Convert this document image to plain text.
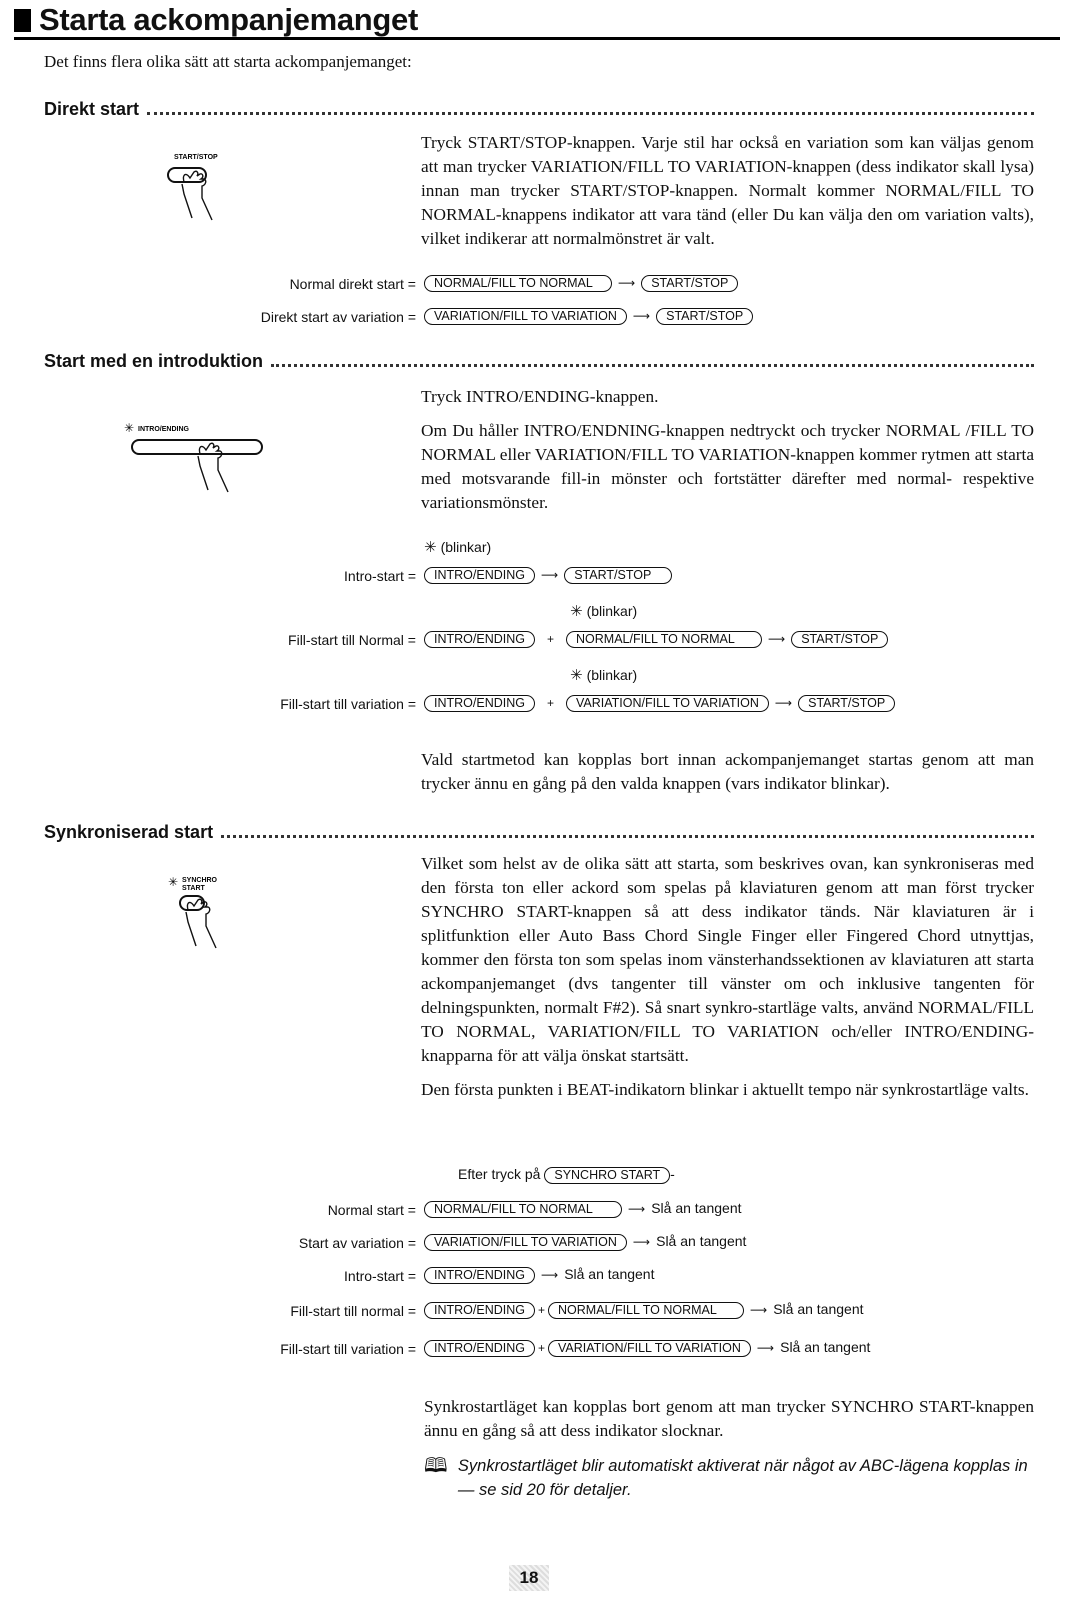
Starta ackompanjemanget
Det finns flera olika sätt att starta ackompanjemanget:
Direkt start
START/STOP

Tryck START/STOP-knappen. Varje stil har också en variation som kan väljas genom att man trycker VARIATION/FILL TO VARIATION-knappen (dess indikator skall lysa) innan man trycker START/STOP-knappen. Normalt kommer NORMAL/FILL TO NORMAL-knappens indikator att vara tänd (eller Du kan välja den om variation valts), vilket indikerar att normalmönstret är valt.

Normal direkt start =	NORMAL/FILL TO NORMAL ⟶ START/STOP
Direkt start av variation =	VARIATION/FILL TO VARIATION ⟶ START/STOP
Start med en introduktion
✳ INTRO/ENDING

Tryck INTRO/ENDING-knappen.

Om Du håller INTRO/ENDNING-knappen nedtryckt och trycker NORMAL /FILL TO NORMAL eller VARIATION/FILL TO VARIATION-knappen kommer rytmen att starta med motsvarande fill-in mönster och fortstätter därefter med normal- respektive variationsmönster.

✳ (blinkar)
Intro-start =	INTRO/ENDING ⟶ START/STOP
✳ (blinkar)
Fill-start till Normal =	INTRO/ENDING + NORMAL/FILL TO NORMAL	⟶ START/STOP
✳ (blinkar)
Fill-start till variation =	INTRO/ENDING + VARIATION/FILL TO VARIATION ⟶ START/STOP

Vald startmetod kan kopplas bort innan ackompanjemanget startas genom att man trycker ännu en gång på den valda knappen (vars indikator blinkar).

Synkroniserad start
✳ SYNCHRO
START

Vilket som helst av de olika sätt att starta, som beskrives ovan, kan synkroniseras med den första ton eller ackord som spelas på klaviaturen genom att man först trycker SYNCHRO START-knappen så att dess indikator tänds. När klaviaturen är i splitfunktion eller Auto Bass Chord Single Finger eller Fingered Chord utnyttjas, kommer den första ton som spelas inom vänsterhandssektionen av klaviaturen att starta ackompanjemanget (dvs tangenter till vänster om och inklusive tangenten för delningspunkten, normalt F#2). Så snart synkro-startläge valts, använd NORMAL/FILL TO NORMAL, VARIATION/FILL TO VARIATION och/eller INTRO/ENDING-knapparna för att välja önskat startsätt.

Den första punkten i BEAT-indikatorn blinkar i aktuellt tempo när synkrostartläge valts.

Efter tryck på SYNCHRO START -
Normal start =	NORMAL/FILL TO NORMAL	⟶ Slå an tangent
Start av variation =	VARIATION/FILL TO VARIATION ⟶ Slå an tangent
Intro-start =	INTRO/ENDING ⟶ Slå an tangent
Fill-start till normal =	INTRO/ENDING + NORMAL/FILL TO NORMAL	⟶ Slå an tangent
Fill-start till variation =	INTRO/ENDING + VARIATION/FILL TO VARIATION ⟶ Slå an tangent

Synkrostartläget kan kopplas bort genom att man trycker SYNCHRO START-knappen ännu en gång så att dess indikator slocknar.

🕮 Synkrostartläget blir automatiskt aktiverat när något av ABC-lägena kopplas in — se sid 20 för detaljer.
18
